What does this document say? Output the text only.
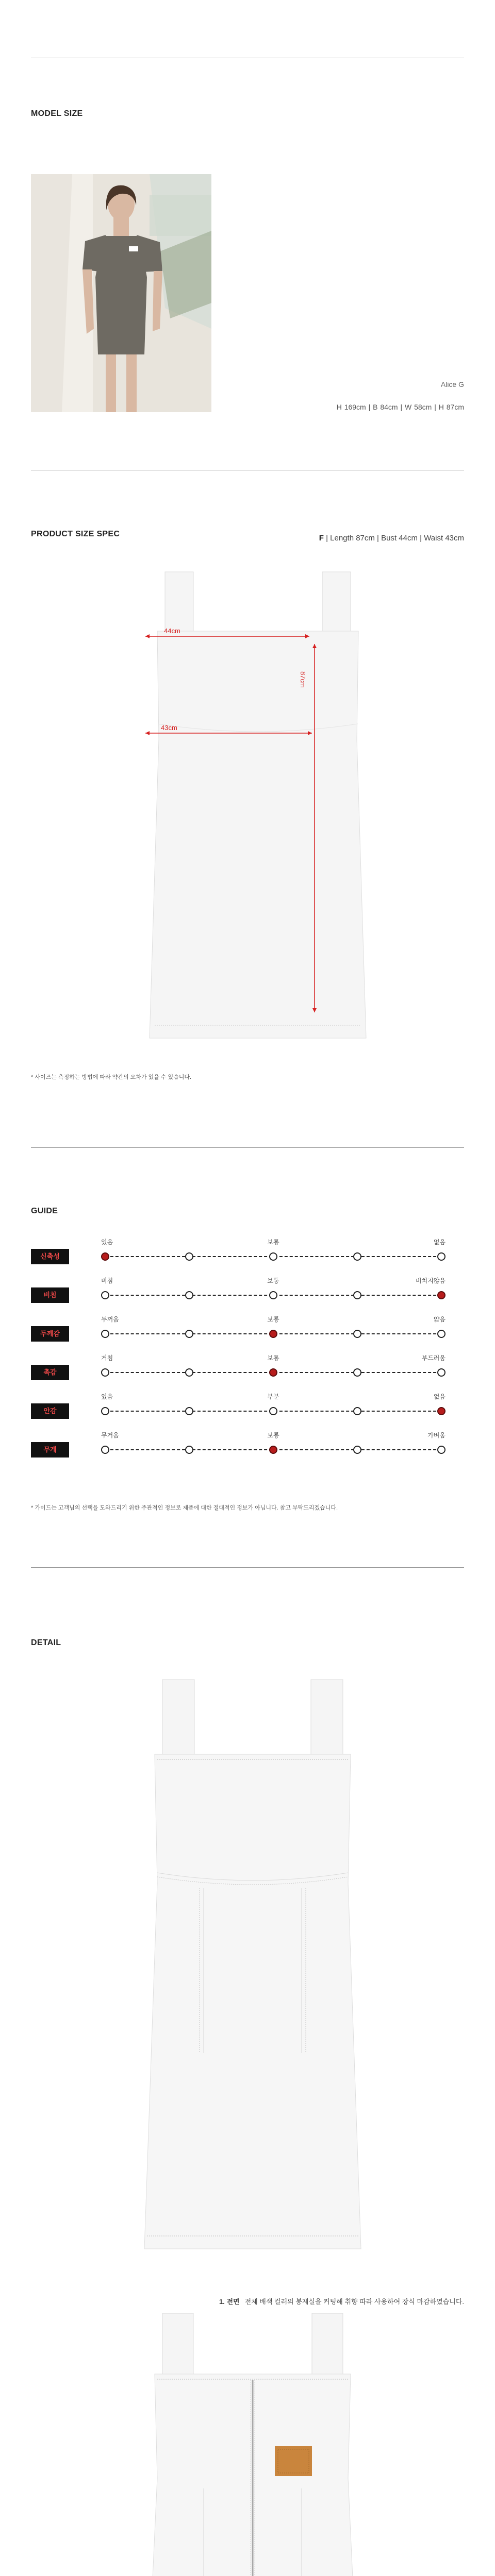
MODEL SIZE
Alice G
H 169cm | B 84cm | W 58cm | H 87cm
PRODUCT SIZE SPEC	F | Length 87cm | Bust 44cm | Waist 43cm
44cm
43cm
87cm
* 사이즈는 측정하는 방법에 따라 약간의 오차가 있을 수 있습니다.
GUIDE
신축성
있음	보통	없음
비침
비침	보통	비치지않음
두께감
두꺼움	보통	얇음
촉감
거침	보통	부드러움
안감
있음	부분	없음
무게
무거움	보통	가벼움
* 가이드는 고객님의 선택을 도와드리기 위한 주관적인 정보로 제품에 대한 절대적인 정보가 아닙니다. 참고 부탁드리겠습니다.
DETAIL
1. 전면 전체 배색 컬러의 봉제실을 커팅해 취향 따라 사용하여 장식 마감하였습니다.
